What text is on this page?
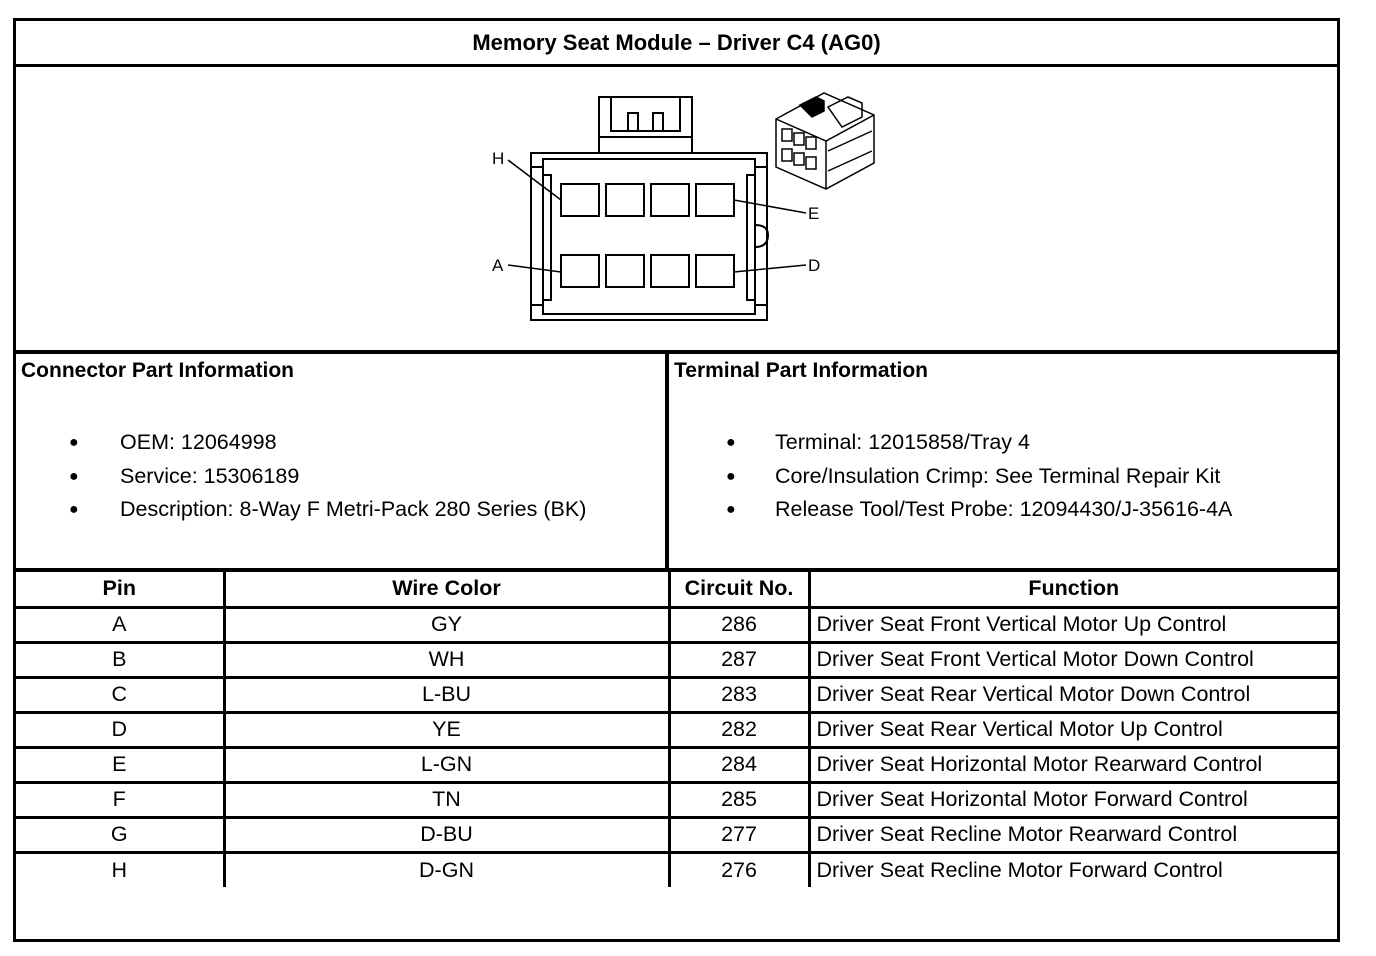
Memory Seat Module – Driver C4 (AG0)
H
E
A	D
Connector Part Information
● OEM: 12064998
● Service: 15306189
● Description: 8-Way F Metri-Pack 280 Series (BK)
Terminal Part Information
● Terminal: 12015858/Tray 4
● Core/Insulation Crimp: See Terminal Repair Kit
● Release Tool/Test Probe: 12094430/J-35616-4A
Pin	Wire Color	Circuit No.	Function
A	GY	286	Driver Seat Front Vertical Motor Up Control
B	WH	287	Driver Seat Front Vertical Motor Down Control
C	L-BU	283	Driver Seat Rear Vertical Motor Down Control
D	YE	282	Driver Seat Rear Vertical Motor Up Control
E	L-GN	284	Driver Seat Horizontal Motor Rearward Control
F	TN	285	Driver Seat Horizontal Motor Forward Control
G	D-BU	277	Driver Seat Recline Motor Rearward Control
H	D-GN	276	Driver Seat Recline Motor Forward Control
